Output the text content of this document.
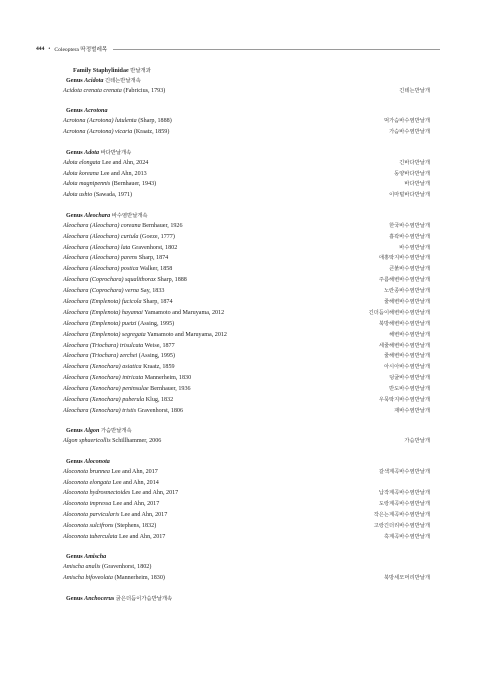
444 • Coleoptera 딱정벌레목
Family Staphylinidae 반날개과
Genus Acidota 긴테는반날개속
Acidota crenata crenata (Fabricius, 1793)	긴테는반날개
Genus Acrotona
Acrotona (Acrotona) lutulenta (Sharp, 1888)	먹가슴바수염반날개
Acrotona (Acrotona) vicaria (Kraatz, 1859)	가슴바수염반날개
Genus Adota 바다반날개속
Adota elongata Lee and Ahn, 2024	긴바다반날개
Adota koreana Lee and Ahn, 2013	동양바다반날개
Adota magnipennis (Bernhauer, 1943)	바다반날개
Adota ushio (Sawada, 1971)	이마털바다반날개
Genus Aleochara 바수염반날개속
Aleochara (Aleochara) coreana Bernhauer, 1926	한국바수염반날개
Aleochara (Aleochara) curtula (Goeze, 1777)	흉곽바수염반날개
Aleochara (Aleochara) lata Gravenhorst, 1802	바수염반날개
Aleochara (Aleochara) parens Sharp, 1874	애홍딱지바수염반날개
Aleochara (Aleochara) postica Walker, 1858	큰붉바수염반날개
Aleochara (Coprochara) squalithorax Sharp, 1888	주름해변바수염반날개
Aleochara (Coprochara) verna Say, 1833	노란종바수염반날개
Aleochara (Emplenota) fucicola Sharp, 1874	줄해변바수염반날개
Aleochara (Emplenota) hayamai Yamamoto and Maruyama, 2012	긴더듬이해변바수염반날개
Aleochara (Emplenota) puetzi (Assing, 1995)	북방해변바수염반날개
Aleochara (Emplenota) segregata Yamamoto and Maruyama, 2012	해변바수염반날개
Aleochara (Triochara) trisulcata Weise, 1877	세줄해변바수염반날개
Aleochara (Triochara) zerchei (Assing, 1995)	줄해변바수염반날개
Aleochara (Xenochara) asiatica Kraatz, 1859	아시아바수염반날개
Aleochara (Xenochara) intricata Mannerheim, 1830	덩굴바수염반날개
Aleochara (Xenochara) peninsulae Bernhauer, 1936	반도바수염반날개
Aleochara (Xenochara) puberula Klug, 1832	우묵딱지바수염반날개
Aleochara (Xenochara) tristis Gravenhorst, 1806	재바수염반날개
Genus Algon 가슴반날개속
Algon sphaericollis Schillhammer, 2006	가슴반날개
Genus Aloconota
Aloconota brunnea Lee and Ahn, 2017	갈색계곡바수염반날개
Aloconota elongata Lee and Ahn, 2014
Aloconota hydrosmectoides Lee and Ahn, 2017	납작계곡바수염반날개
Aloconota impressa Lee and Ahn, 2017	도랑계곡바수염반날개
Aloconota parvicularis Lee and Ahn, 2017	작은는계곡바수염반날개
Aloconota sulcifrons (Stephens, 1832)	고랑긴더리바수염반날개
Aloconota tuberculata Lee and Ahn, 2017	혹계곡바수염반날개
Genus Amischa
Amischa analis (Gravenhorst, 1802)
Amischa bifoveolata (Mannerheim, 1830)	북방세모머리반날개
Genus Anchocerus 굵은더듬이가슴반날개속
